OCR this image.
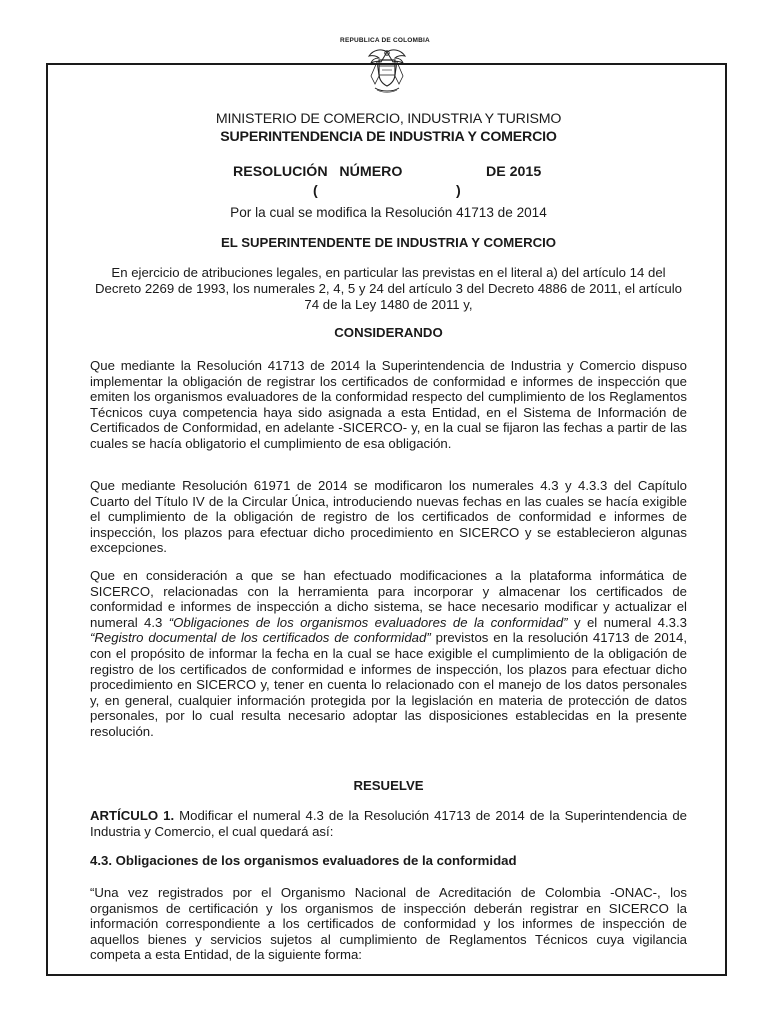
REPUBLICA DE COLOMBIA
MINISTERIO DE COMERCIO, INDUSTRIA Y TURISMO
SUPERINTENDENCIA DE INDUSTRIA Y COMERCIO
RESOLUCIÓN   NÚMERO	DE 2015
(	)
Por la cual se modifica la Resolución 41713 de 2014
EL SUPERINTENDENTE DE INDUSTRIA Y COMERCIO
En ejercicio de atribuciones legales, en particular las previstas en el literal a) del artículo 14 del Decreto 2269 de 1993, los numerales 2, 4, 5 y 24 del artículo 3 del Decreto 4886 de 2011, el artículo 74 de la Ley 1480 de 2011 y,
CONSIDERANDO

Que mediante la Resolución 41713 de 2014 la Superintendencia de Industria y Comercio dispuso implementar la obligación de registrar los certificados de conformidad e informes de inspección que emiten los organismos evaluadores de la conformidad respecto del cumplimiento de los Reglamentos Técnicos cuya competencia haya sido asignada a esta Entidad, en el Sistema de Información de Certificados de Conformidad, en adelante -SICERCO- y, en la cual se fijaron las fechas a partir de las cuales se hacía obligatorio el cumplimiento de esa obligación.

Que mediante Resolución 61971 de 2014 se modificaron los numerales 4.3 y 4.3.3 del Capítulo Cuarto del Título IV de la Circular Única, introduciendo nuevas fechas en las cuales se hacía exigible el cumplimiento de la obligación de registro de los certificados de conformidad e informes de inspección, los plazos para efectuar dicho procedimiento en SICERCO y se establecieron algunas excepciones.

Que en consideración a que se han efectuado modificaciones a la plataforma informática de SICERCO, relacionadas con la herramienta para incorporar y almacenar los certificados de conformidad e informes de inspección a dicho sistema, se hace necesario modificar y actualizar el numeral 4.3 “Obligaciones de los organismos evaluadores de la conformidad” y el numeral 4.3.3 “Registro documental de los certificados de conformidad” previstos en la resolución 41713 de 2014, con el propósito de informar la fecha en la cual se hace exigible el cumplimiento de la obligación de registro de los certificados de conformidad e informes de inspección, los plazos para efectuar dicho procedimiento en SICERCO y, tener en cuenta lo relacionado con el manejo de los datos personales y, en general, cualquier información protegida por la legislación en materia de protección de datos personales, por lo cual resulta necesario adoptar las disposiciones establecidas en la presente resolución.

RESUELVE

ARTÍCULO 1. Modificar el numeral 4.3 de la Resolución 41713 de 2014 de la Superintendencia de Industria y Comercio, el cual quedará así:

4.3. Obligaciones de los organismos evaluadores de la conformidad

“Una vez registrados por el Organismo Nacional de Acreditación de Colombia -ONAC-, los organismos de certificación y los organismos de inspección deberán registrar en SICERCO la información correspondiente a los certificados de conformidad y los informes de inspección de aquellos bienes y servicios sujetos al cumplimiento de Reglamentos Técnicos cuya vigilancia competa a esta Entidad, de la siguiente forma:
